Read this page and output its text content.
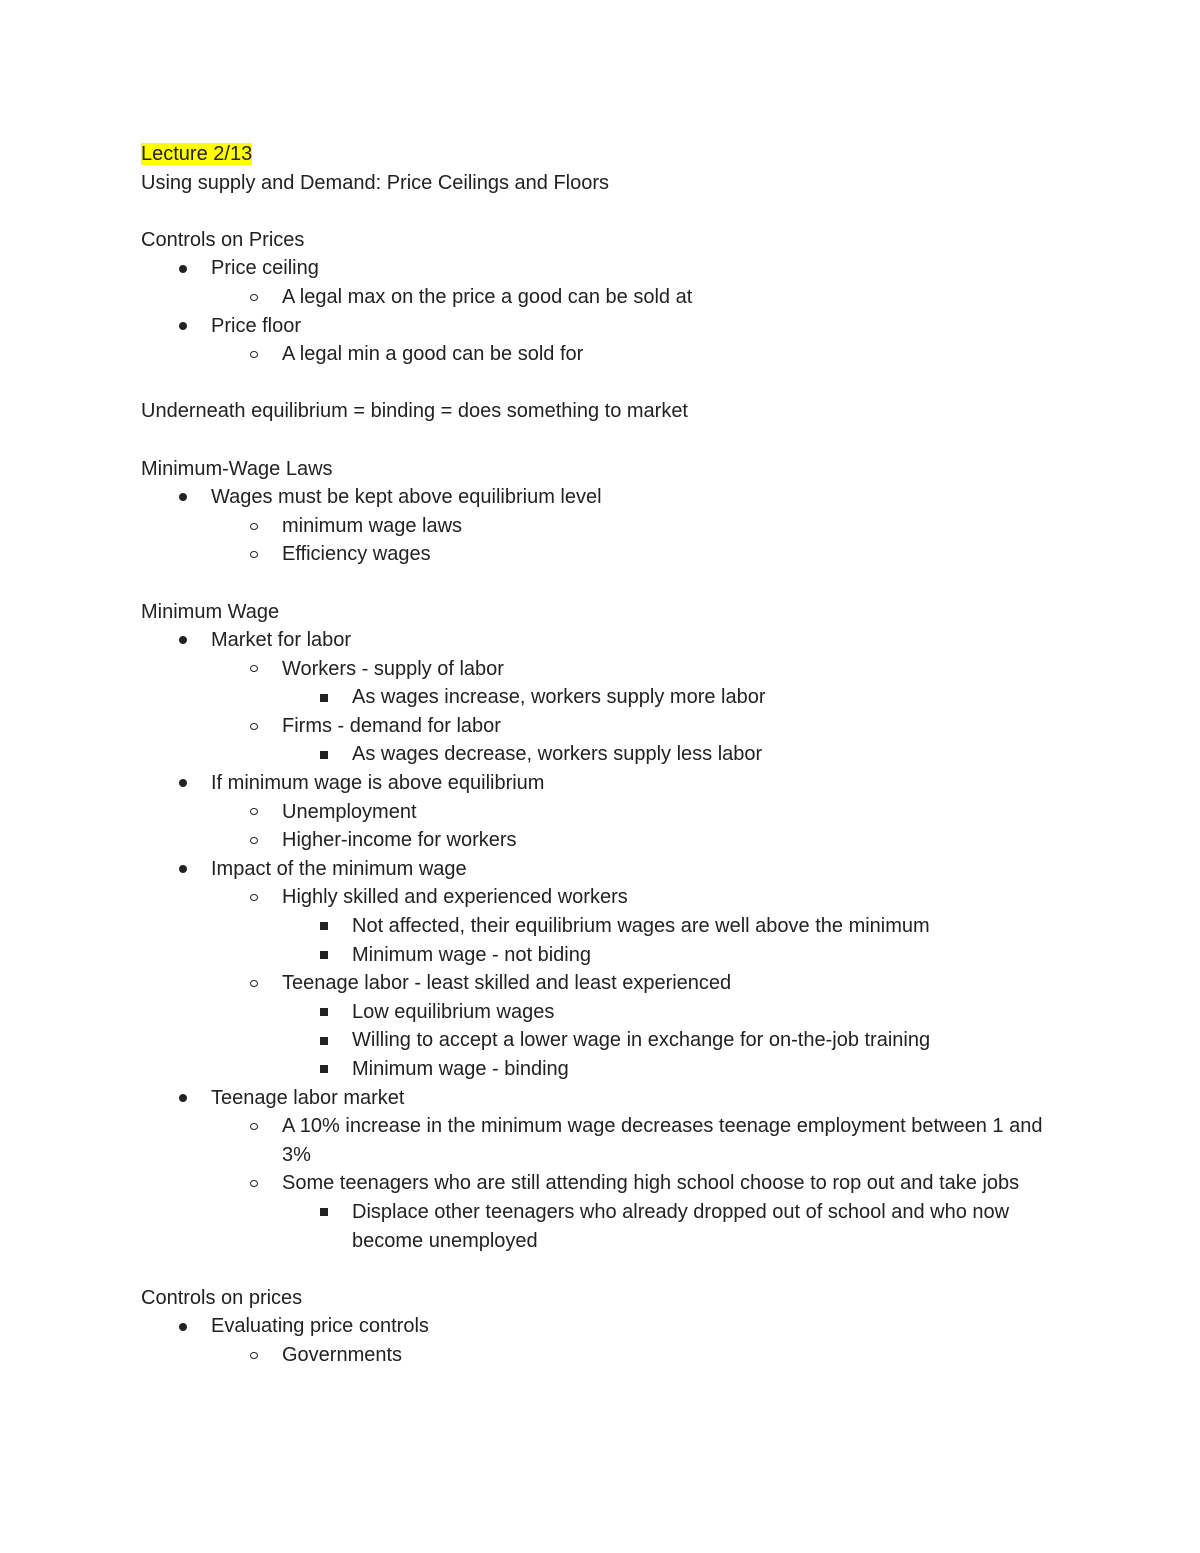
Lecture 2/13
Using supply and Demand: Price Ceilings and Floors
Controls on Prices
Price ceiling
A legal max on the price a good can be sold at
Price floor
A legal min a good can be sold for
Underneath equilibrium = binding = does something to market
Minimum-Wage Laws
Wages must be kept above equilibrium level
minimum wage laws
Efficiency wages
Minimum Wage
Market for labor
Workers - supply of labor
As wages increase, workers supply more labor
Firms - demand for labor
As wages decrease, workers supply less labor
If minimum wage is above equilibrium
Unemployment
Higher-income for workers
Impact of the minimum wage
Highly skilled and experienced workers
Not affected, their equilibrium wages are well above the minimum
Minimum wage - not biding
Teenage labor - least skilled and least experienced
Low equilibrium wages
Willing to accept a lower wage in exchange for on-the-job training
Minimum wage - binding
Teenage labor market
A 10% increase in the minimum wage decreases teenage employment between 1 and 3%
Some teenagers who are still attending high school choose to rop out and take jobs
Displace other teenagers who already dropped out of school and who now become unemployed
Controls on prices
Evaluating price controls
Governments
